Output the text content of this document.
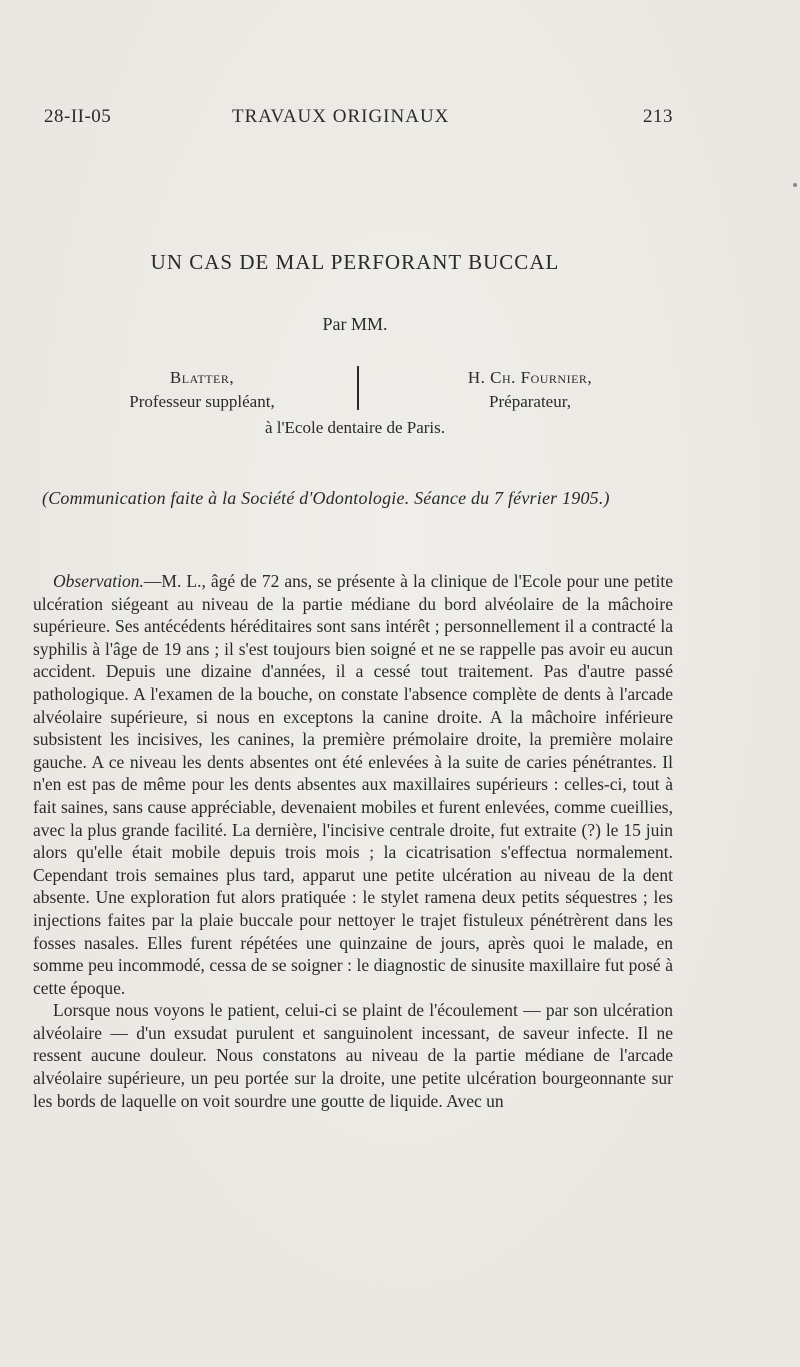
28-II-05	TRAVAUX ORIGINAUX	213
UN CAS DE MAL PERFORANT BUCCAL
Par MM.
Blatter,
Professeur suppléant,
H. Ch. Fournier,
Préparateur,
à l'Ecole dentaire de Paris.
(Communication faite à la Société d'Odontologie. Séance du 7 février 1905.)

Observation.—M. L., âgé de 72 ans, se présente à la clinique de l'Ecole pour une petite ulcération siégeant au niveau de la partie médiane du bord alvéolaire de la mâchoire supérieure. Ses antécédents héréditaires sont sans intérêt ; personnellement il a contracté la syphilis à l'âge de 19 ans ; il s'est toujours bien soigné et ne se rappelle pas avoir eu aucun accident. Depuis une dizaine d'années, il a cessé tout traitement. Pas d'autre passé pathologique. A l'examen de la bouche, on constate l'absence complète de dents à l'arcade alvéolaire supérieure, si nous en exceptons la canine droite. A la mâchoire inférieure subsistent les incisives, les canines, la première prémolaire droite, la première molaire gauche. A ce niveau les dents absentes ont été enlevées à la suite de caries pénétrantes. Il n'en est pas de même pour les dents absentes aux maxillaires supérieurs : celles-ci, tout à fait saines, sans cause appréciable, devenaient mobiles et furent enlevées, comme cueillies, avec la plus grande facilité. La dernière, l'incisive centrale droite, fut extraite (?) le 15 juin alors qu'elle était mobile depuis trois mois ; la cicatrisation s'effectua normalement. Cependant trois semaines plus tard, apparut une petite ulcération au niveau de la dent absente. Une exploration fut alors pratiquée : le stylet ramena deux petits séquestres ; les injections faites par la plaie buccale pour nettoyer le trajet fistuleux pénétrèrent dans les fosses nasales. Elles furent répétées une quinzaine de jours, après quoi le malade, en somme peu incommodé, cessa de se soigner : le diagnostic de sinusite maxillaire fut posé à cette époque.

Lorsque nous voyons le patient, celui-ci se plaint de l'écoulement — par son ulcération alvéolaire — d'un exsudat purulent et sanguinolent incessant, de saveur infecte. Il ne ressent aucune douleur. Nous constatons au niveau de la partie médiane de l'arcade alvéolaire supérieure, un peu portée sur la droite, une petite ulcération bourgeonnante sur les bords de laquelle on voit sourdre une goutte de liquide. Avec un
